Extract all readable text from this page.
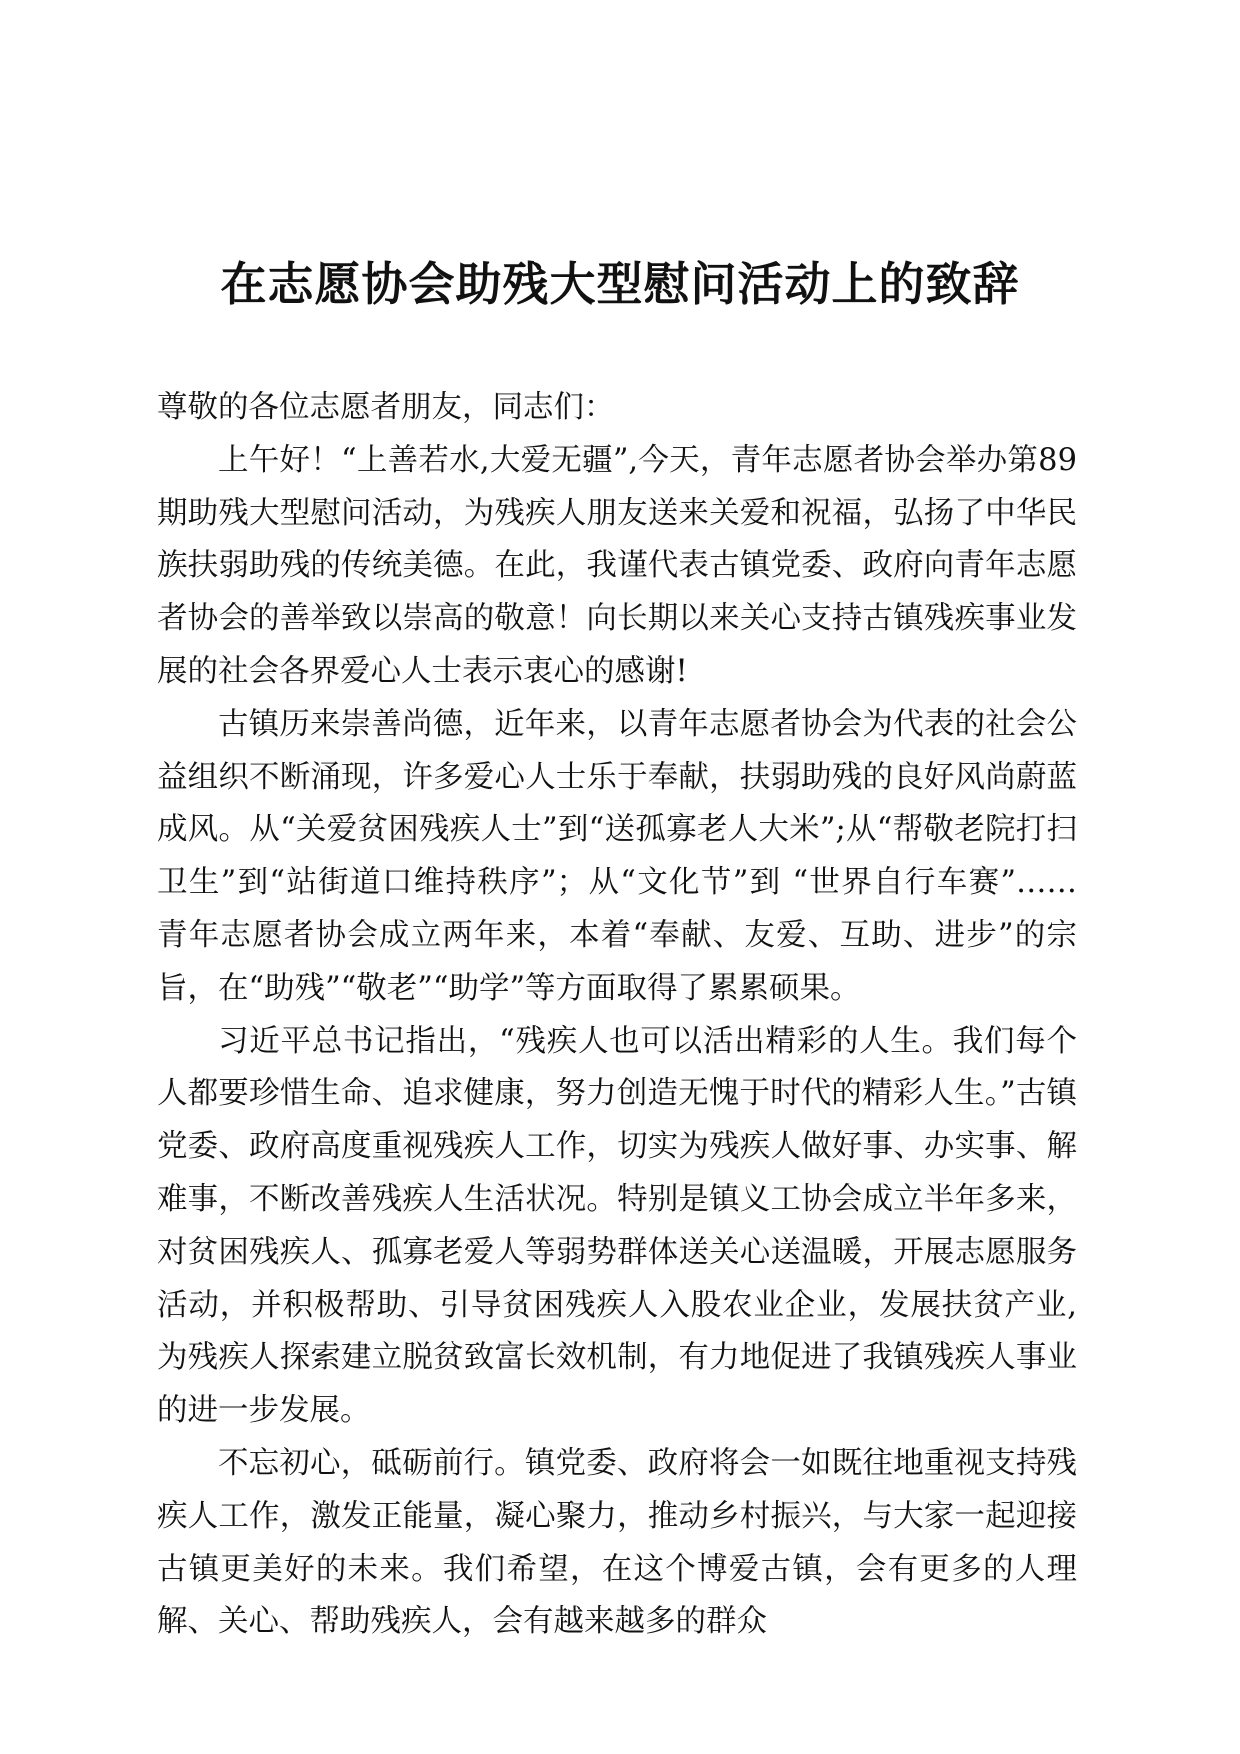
在志愿协会助残大型慰问活动上的致辞

尊敬的各位志愿者朋友，同志们：

上午好！“上善若水,大爱无疆”,今天，青年志愿者协会举办第89期助残大型慰问活动，为残疾人朋友送来关爱和祝福，弘扬了中华民族扶弱助残的传统美德。在此，我谨代表古镇党委、政府向青年志愿者协会的善举致以崇高的敬意！向长期以来关心支持古镇残疾事业发展的社会各界爱心人士表示衷心的感谢!

古镇历来崇善尚德，近年来，以青年志愿者协会为代表的社会公益组织不断涌现，许多爱心人士乐于奉献，扶弱助残的良好风尚蔚蓝成风。从“关爱贫困残疾人士”到“送孤寡老人大米”;从“帮敬老院打扫卫生”到“站街道口维持秩序”；从“文化节”到 “世界自行车赛”…… 青年志愿者协会成立两年来，本着“奉献、友爱、互助、进步”的宗旨，在“助残”“敬老”“助学”等方面取得了累累硕果。

习近平总书记指出，“残疾人也可以活出精彩的人生。我们每个人都要珍惜生命、追求健康，努力创造无愧于时代的精彩人生。”古镇党委、政府高度重视残疾人工作，切实为残疾人做好事、办实事、解难事，不断改善残疾人生活状况。特别是镇义工协会成立半年多来，对贫困残疾人、孤寡老爱人等弱势群体送关心送温暖，开展志愿服务活动，并积极帮助、引导贫困残疾人入股农业企业，发展扶贫产业,为残疾人探索建立脱贫致富长效机制，有力地促进了我镇残疾人事业的进一步发展。

不忘初心，砥砺前行。镇党委、政府将会一如既往地重视支持残疾人工作，激发正能量，凝心聚力，推动乡村振兴，与大家一起迎接古镇更美好的未来。我们希望，在这个博爱古镇，会有更多的人理解、关心、帮助残疾人，会有越来越多的群众
